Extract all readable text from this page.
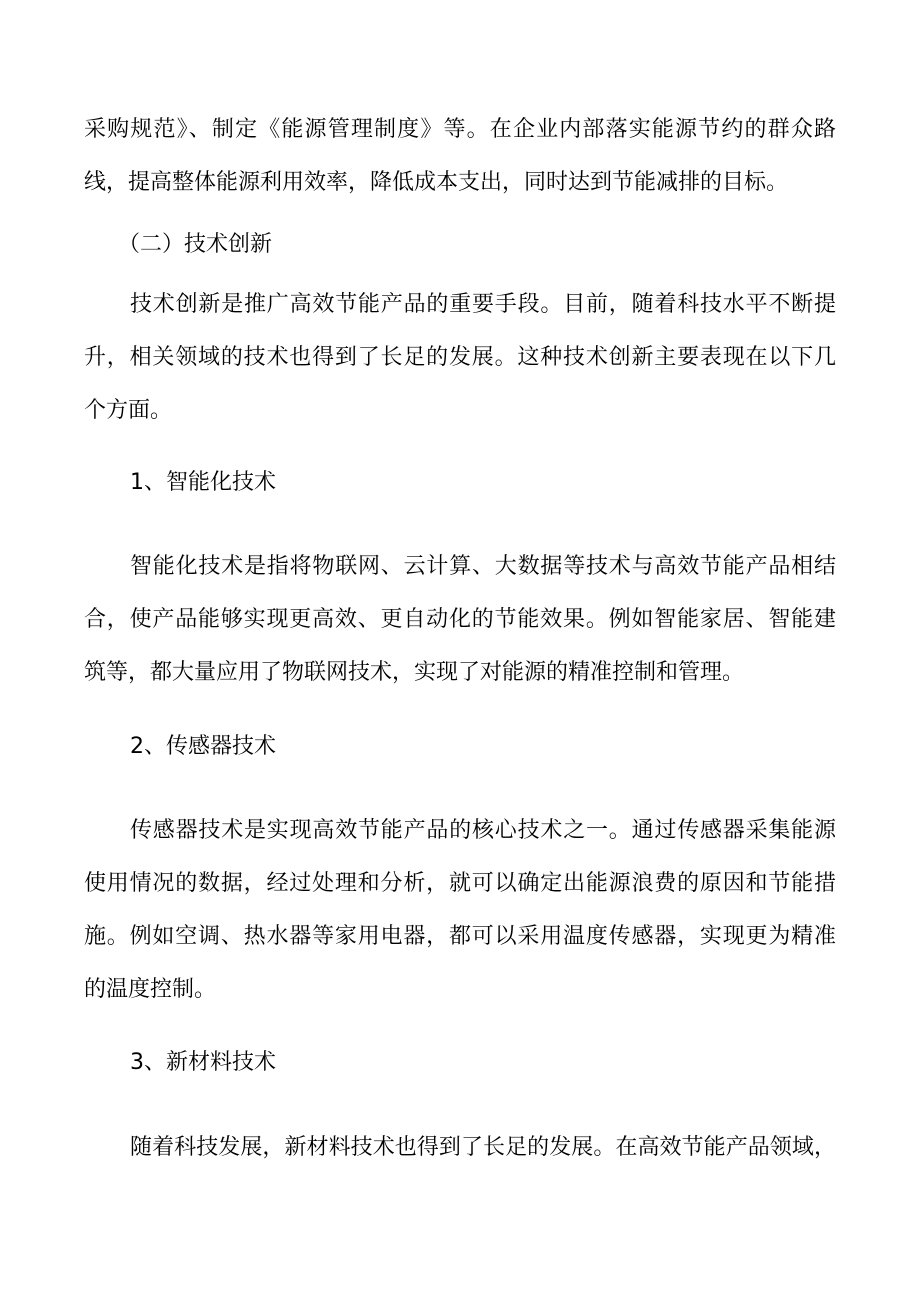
采购规范》、制定《能源管理制度》等。在企业内部落实能源节约的群众路
线，提高整体能源利用效率，降低成本支出，同时达到节能减排的目标。
（二）技术创新
技术创新是推广高效节能产品的重要手段。目前，随着科技水平不断提
升，相关领域的技术也得到了长足的发展。这种技术创新主要表现在以下几
个方面。
1、智能化技术
智能化技术是指将物联网、云计算、大数据等技术与高效节能产品相结
合，使产品能够实现更高效、更自动化的节能效果。例如智能家居、智能建
筑等，都大量应用了物联网技术，实现了对能源的精准控制和管理。
2、传感器技术
传感器技术是实现高效节能产品的核心技术之一。通过传感器采集能源
使用情况的数据，经过处理和分析，就可以确定出能源浪费的原因和节能措
施。例如空调、热水器等家用电器，都可以采用温度传感器，实现更为精准
的温度控制。
3、新材料技术
随着科技发展，新材料技术也得到了长足的发展。在高效节能产品领域，
